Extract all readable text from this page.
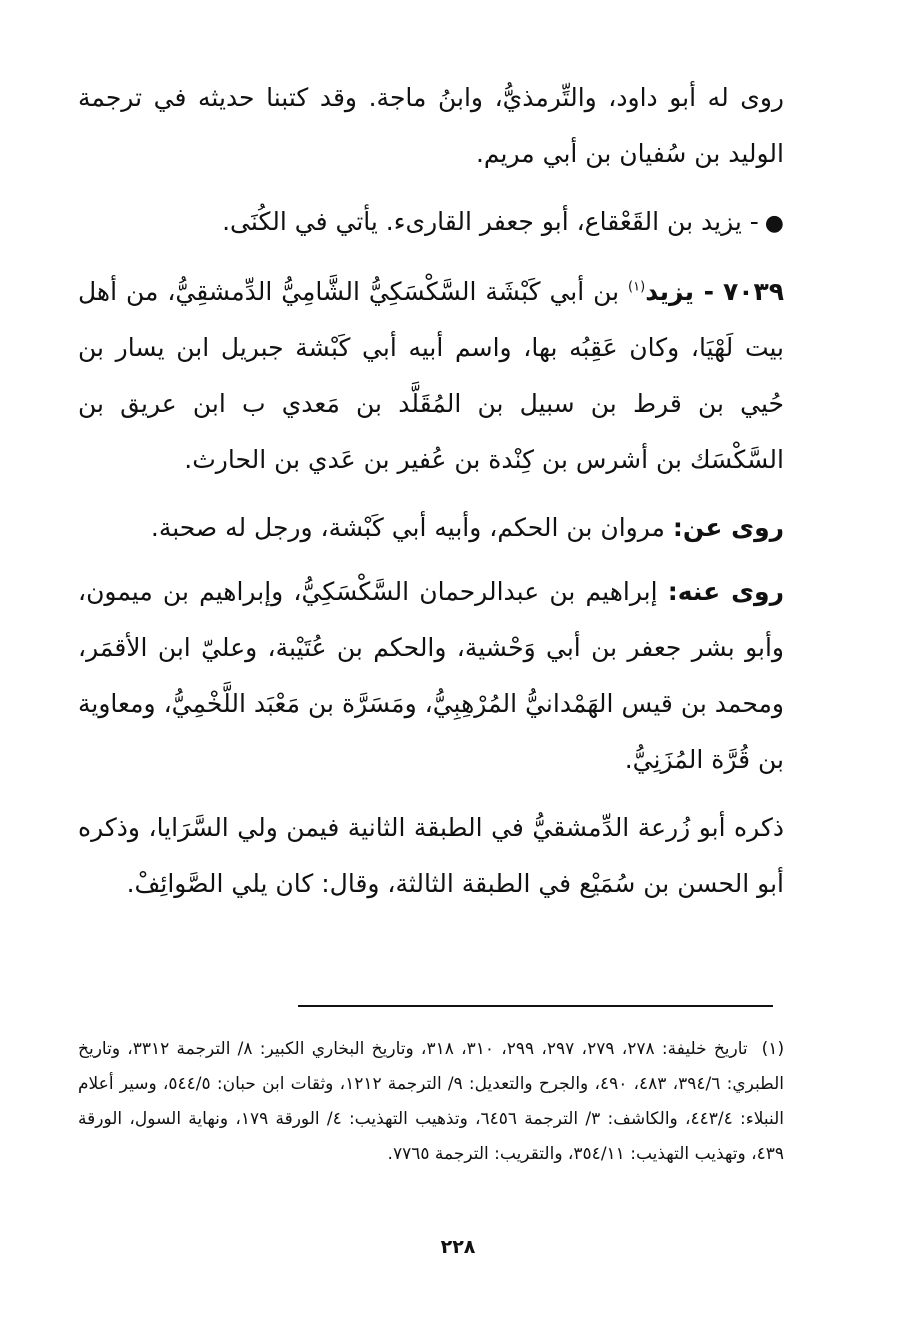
روى له أبو داود، والتِّرمذيُّ، وابنُ ماجة. وقد كتبنا حديثه في ترجمة الوليد بن سُفيان بن أبي مريم.

●- يزيد بن القَعْقاع، أبو جعفر القارىء. يأتي في الكُنَى.

٧٠٣٩ - يزيد$^{(١)}$ بن أبي كَبْشَة السَّكْسَكِيُّ الشَّامِيُّ الدِّمشقِيُّ، من أهل بيت لَهْيَا، وكان عَقِبُه بها، واسم أبيه أبي كَبْشة جبريل ابن يسار بن حُيي بن قرط بن سبيل بن المُقَلَّد بن مَعدي ب ابن عريق بن السَّكْسَك بن أشرس بن كِنْدة بن عُفير بن عَدي بن الحارث.

روى عن: مروان بن الحكم، وأبيه أبي كَبْشة، ورجل له صحبة.

روى عنه: إبراهيم بن عبدالرحمان السَّكْسَكِيُّ، وإبراهيم بن ميمون، وأبو بشر جعفر بن أبي وَحْشية، والحكم بن عُتَيْبة، وعليّ ابن الأقمَر، ومحمد بن قيس الهَمْدانيُّ المُرْهِبِيُّ، ومَسَرَّة بن مَعْبَد اللَّخْمِيُّ، ومعاوية بن قُرَّة المُزَنِيُّ.

ذكره أبو زُرعة الدِّمشقيُّ في الطبقة الثانية فيمن ولي السَّرَايا، وذكره أبو الحسن بن سُمَيْع في الطبقة الثالثة، وقال: كان يلي الصَّوائِفْ.

(١)تاريخ خليفة: ٢٧٨، ٢٧٩، ٢٩٧، ٢٩٩، ٣١٠، ٣١٨، وتاريخ البخاري الكبير: ٨/ الترجمة ٣٣١٢، وتاريخ الطبري: ٣٩٤/٦، ٤٨٣، ٤٩٠، والجرح والتعديل: ٩/ الترجمة ١٢١٢، وثقات ابن حبان: ٥٤٤/٥، وسير أعلام النبلاء: ٤٤٣/٤، والكاشف: ٣/ الترجمة ٦٤٥٦، وتذهيب التهذيب: ٤/ الورقة ١٧٩، ونهاية السول، الورقة ٤٣٩، وتهذيب التهذيب: ٣٥٤/١١، والتقريب: الترجمة ٧٧٦٥.
٢٢٨
